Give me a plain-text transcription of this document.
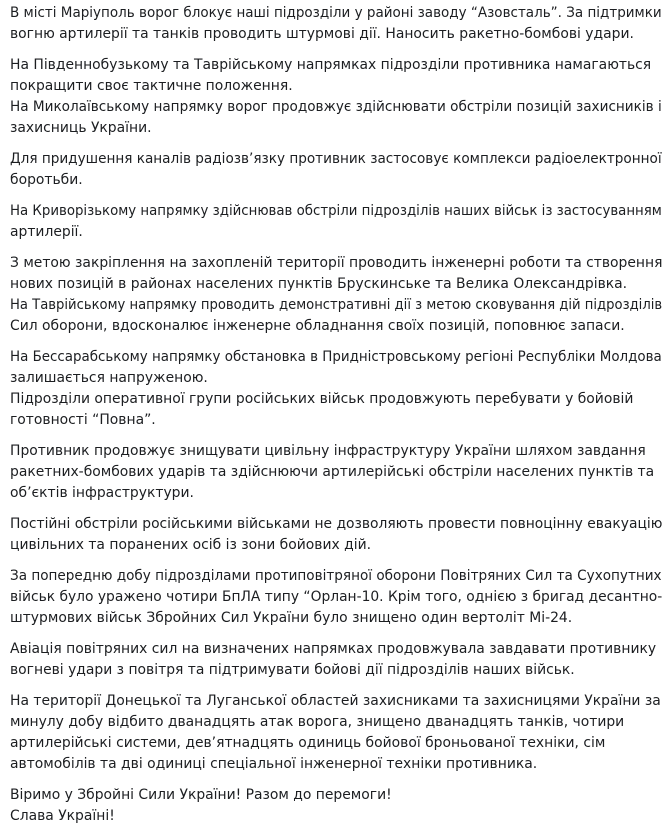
В місті Маріуполь ворог блокує наші підрозділи у районі заводу “Азовсталь”. За підтримки
вогню артилерії та танків проводить штурмові дії. Наносить ракетно-бомбові удари.
На Південнобузькому та Таврійському напрямках підрозділи противника намагаються
покращити своє тактичне положення.
На Миколаївському напрямку ворог продовжує здійснювати обстріли позицій захисників і
захисниць України.
Для придушення каналів радіозв’язку противник застосовує комплекси радіоелектронної
боротьби.
На Криворізькому напрямку здійснював обстріли підрозділів наших військ із застосуванням
артилерії.
З метою закріплення на захопленій території проводить інженерні роботи та створення
нових позицій в районах населених пунктів Брускинське та Велика Олександрівка.
На Таврійському напрямку проводить демонстративні дії з метою сковування дій підрозділів
Сил оборони, вдосконалює інженерне обладнання своїх позицій, поповнює запаси.
На Бессарабському напрямку обстановка в Придністровському регіоні Республіки Молдова
залишається напруженою.
Підрозділи оперативної групи російських військ продовжують перебувати у бойовій
готовності “Повна”.
Противник продовжує знищувати цивільну інфраструктуру України шляхом завдання
ракетних-бомбових ударів та здійснюючи артилерійські обстріли населених пунктів та
об’єктів інфраструктури.
Постійні обстріли російськими військами не дозволяють провести повноцінну евакуацію
цивільних та поранених осіб із зони бойових дій.
За попередню добу підрозділами протиповітряної оборони Повітряних Сил та Сухопутних
військ було уражено чотири БпЛА типу “Орлан-10. Крім того, однією з бригад десантно-
штурмових військ Збройних Сил України було знищено один вертоліт Мі-24.
Авіація повітряних сил на визначених напрямках продовжувала завдавати противнику
вогневі удари з повітря та підтримувати бойові дії підрозділів наших військ.
На території Донецької та Луганської областей захисниками та захисницями України за
минулу добу відбито дванадцять атак ворога, знищено дванадцять танків, чотири
артилерійські системи, дев’ятнадцять одиниць бойової броньованої техніки, сім
автомобілів та дві одиниці спеціальної інженерної техніки противника.
Віримо у Збройні Сили України! Разом до перемоги!
Слава Україні!
